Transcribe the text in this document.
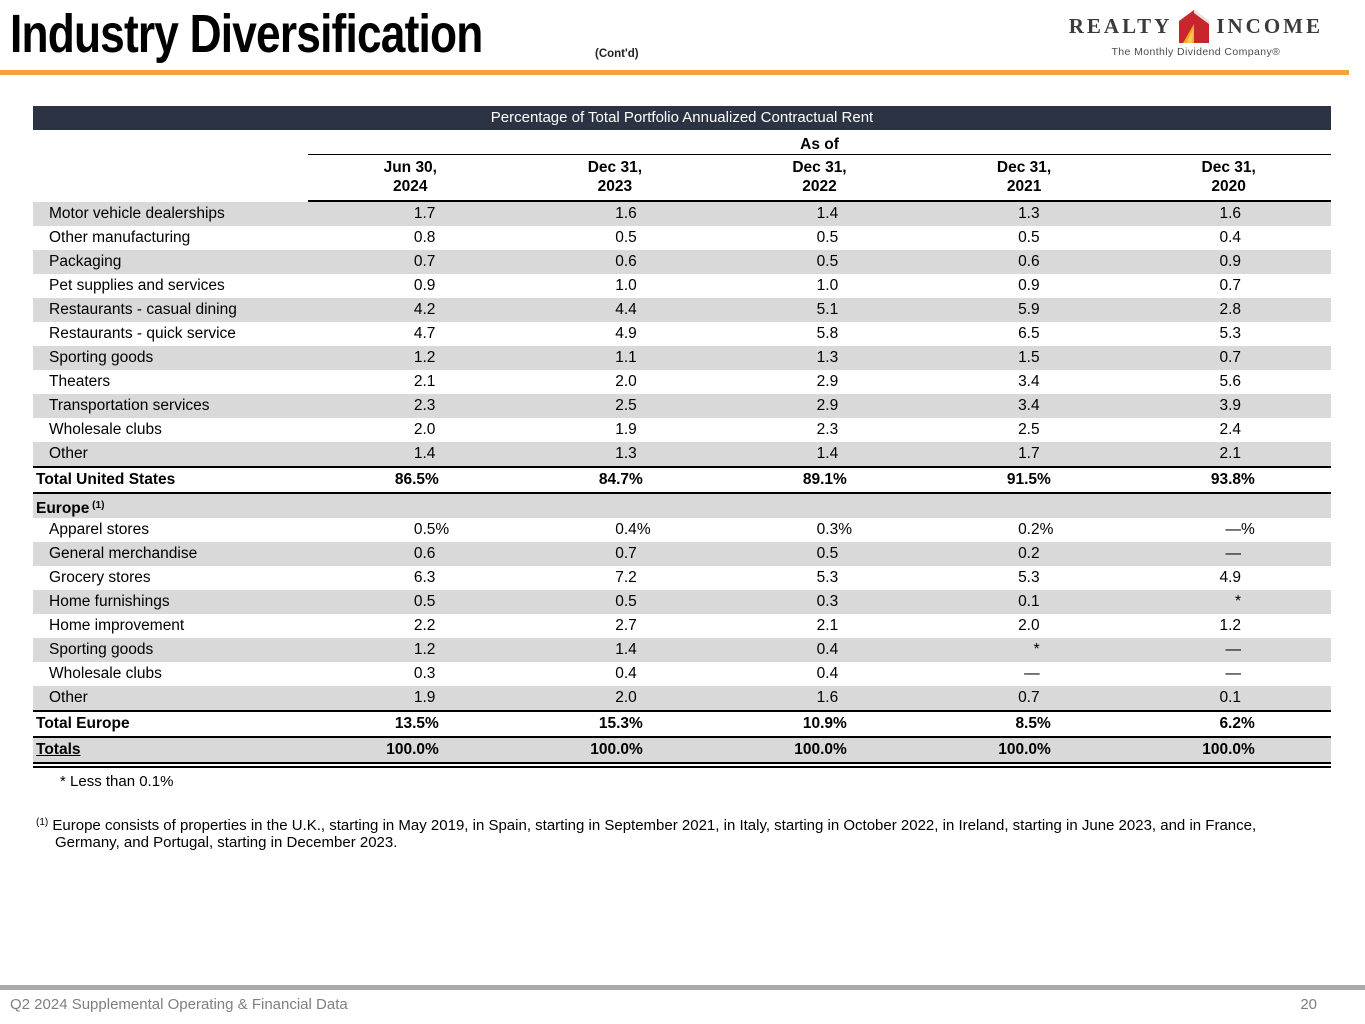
Industry Diversification	(Cont'd)
REALTY INCOME
The Monthly Dividend Company®
Percentage of Total Portfolio Annualized Contractual Rent
As of
Jun 30,
2024
Dec 31,
2023
Dec 31,
2022
Dec 31,
2021
Dec 31,
2020
Motor vehicle dealerships	1.7	1.6	1.4	1.3	1.6
Other manufacturing	0.8	0.5	0.5	0.5	0.4
Packaging	0.7	0.6	0.5	0.6	0.9
Pet supplies and services	0.9	1.0	1.0	0.9	0.7
Restaurants - casual dining	4.2	4.4	5.1	5.9	2.8
Restaurants - quick service	4.7	4.9	5.8	6.5	5.3
Sporting goods	1.2	1.1	1.3	1.5	0.7
Theaters	2.1	2.0	2.9	3.4	5.6
Transportation services	2.3	2.5	2.9	3.4	3.9
Wholesale clubs	2.0	1.9	2.3	2.5	2.4
Other	1.4	1.3	1.4	1.7	2.1
Total United States	86.5 %	84.7 %	89.1 %	91.5 %	93.8 %
Europe $^{(1)}$
Apparel stores	0.5 %	0.4 %	0.3 %	0.2 %	— %
General merchandise	0.6	0.7	0.5	0.2	—
Grocery stores	6.3	7.2	5.3	5.3	4.9
Home furnishings	0.5	0.5	0.3	0.1	*
Home improvement	2.2	2.7	2.1	2.0	1.2
Sporting goods	1.2	1.4	0.4	*	—
Wholesale clubs	0.3	0.4	0.4	—	—
Other	1.9	2.0	1.6	0.7	0.1
Total Europe	13.5 %	15.3 %	10.9 %	8.5 %	6.2 %
Totals	100.0 %	100.0 %	100.0 %	100.0 %	100.0 %
* Less than 0.1%
$^{(1)}$ Europe consists of properties in the U.K., starting in May 2019, in Spain, starting in September 2021, in Italy, starting in October 2022, in Ireland, starting in June 2023, and in France, Germany, and Portugal, starting in December 2023.
Q2 2024 Supplemental Operating & Financial Data	20
